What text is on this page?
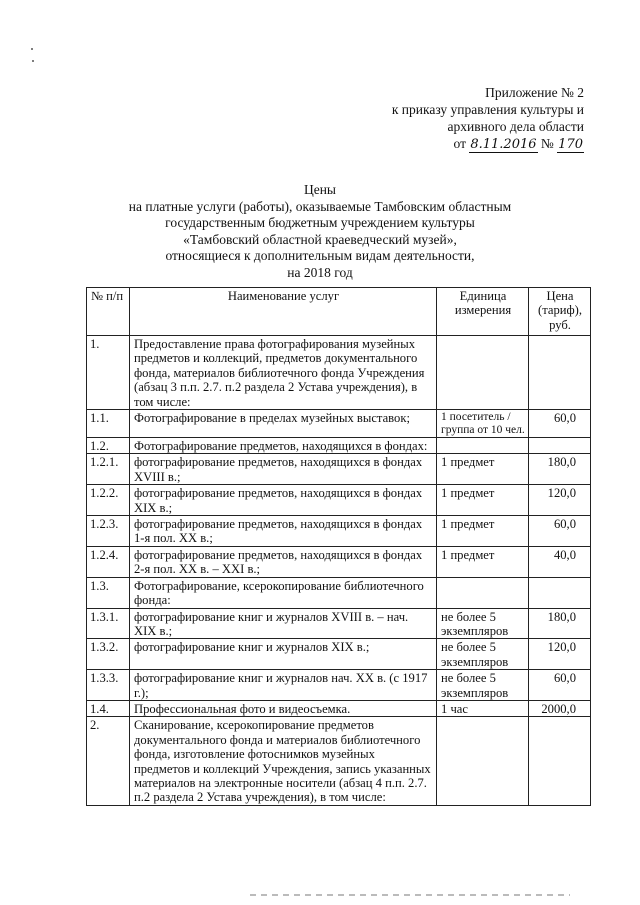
Приложение № 2
к приказу управления культуры и
архивного дела области
от 8.11.2016 № 170
Цены
на платные услуги (работы), оказываемые Тамбовским областным
государственным бюджетным учреждением культуры
«Тамбовский областной краеведческий музей»,
относящиеся к дополнительным видам деятельности,
на 2018 год
№ п/п	Наименование услуг	Единица измерения	Цена (тариф), руб.
1.	Предоставление права фотографирования музейных предметов и коллекций, предметов документального фонда, материалов библиотечного фонда Учреждения (абзац 3 п.п. 2.7. п.2 раздела 2 Устава учреждения), в том числе:		
1.1.	Фотографирование в пределах музейных выставок;	1 посетитель / группа от 10 чел.	60,0
1.2.	Фотографирование предметов, находящихся в фондах:		
1.2.1.	фотографирование предметов, находящихся в фондах XVIII в.;	1 предмет	180,0
1.2.2.	фотографирование предметов, находящихся в фондах XIX в.;	1 предмет	120,0
1.2.3.	фотографирование предметов, находящихся в фондах 1-я пол. XX в.;	1 предмет	60,0
1.2.4.	фотографирование предметов, находящихся в фондах 2-я пол. XX в. – XXI в.;	1 предмет	40,0
1.3.	Фотографирование, ксерокопирование библиотечного фонда:		
1.3.1.	фотографирование книг и журналов XVIII в. – нач. XIX в.;	не более 5 экземпляров	180,0
1.3.2.	фотографирование книг и журналов XIX в.;	не более 5 экземпляров	120,0
1.3.3.	фотографирование книг и журналов нач. XX в. (с 1917 г.);	не более 5 экземпляров	60,0
1.4.	Профессиональная фото и видеосъемка.	1 час	2000,0
2.	Сканирование, ксерокопирование предметов документального фонда и материалов библиотечного фонда, изготовление фотоснимков музейных предметов и коллекций Учреждения, запись указанных материалов на электронные носители (абзац 4 п.п. 2.7. п.2 раздела 2 Устава учреждения), в том числе:		
